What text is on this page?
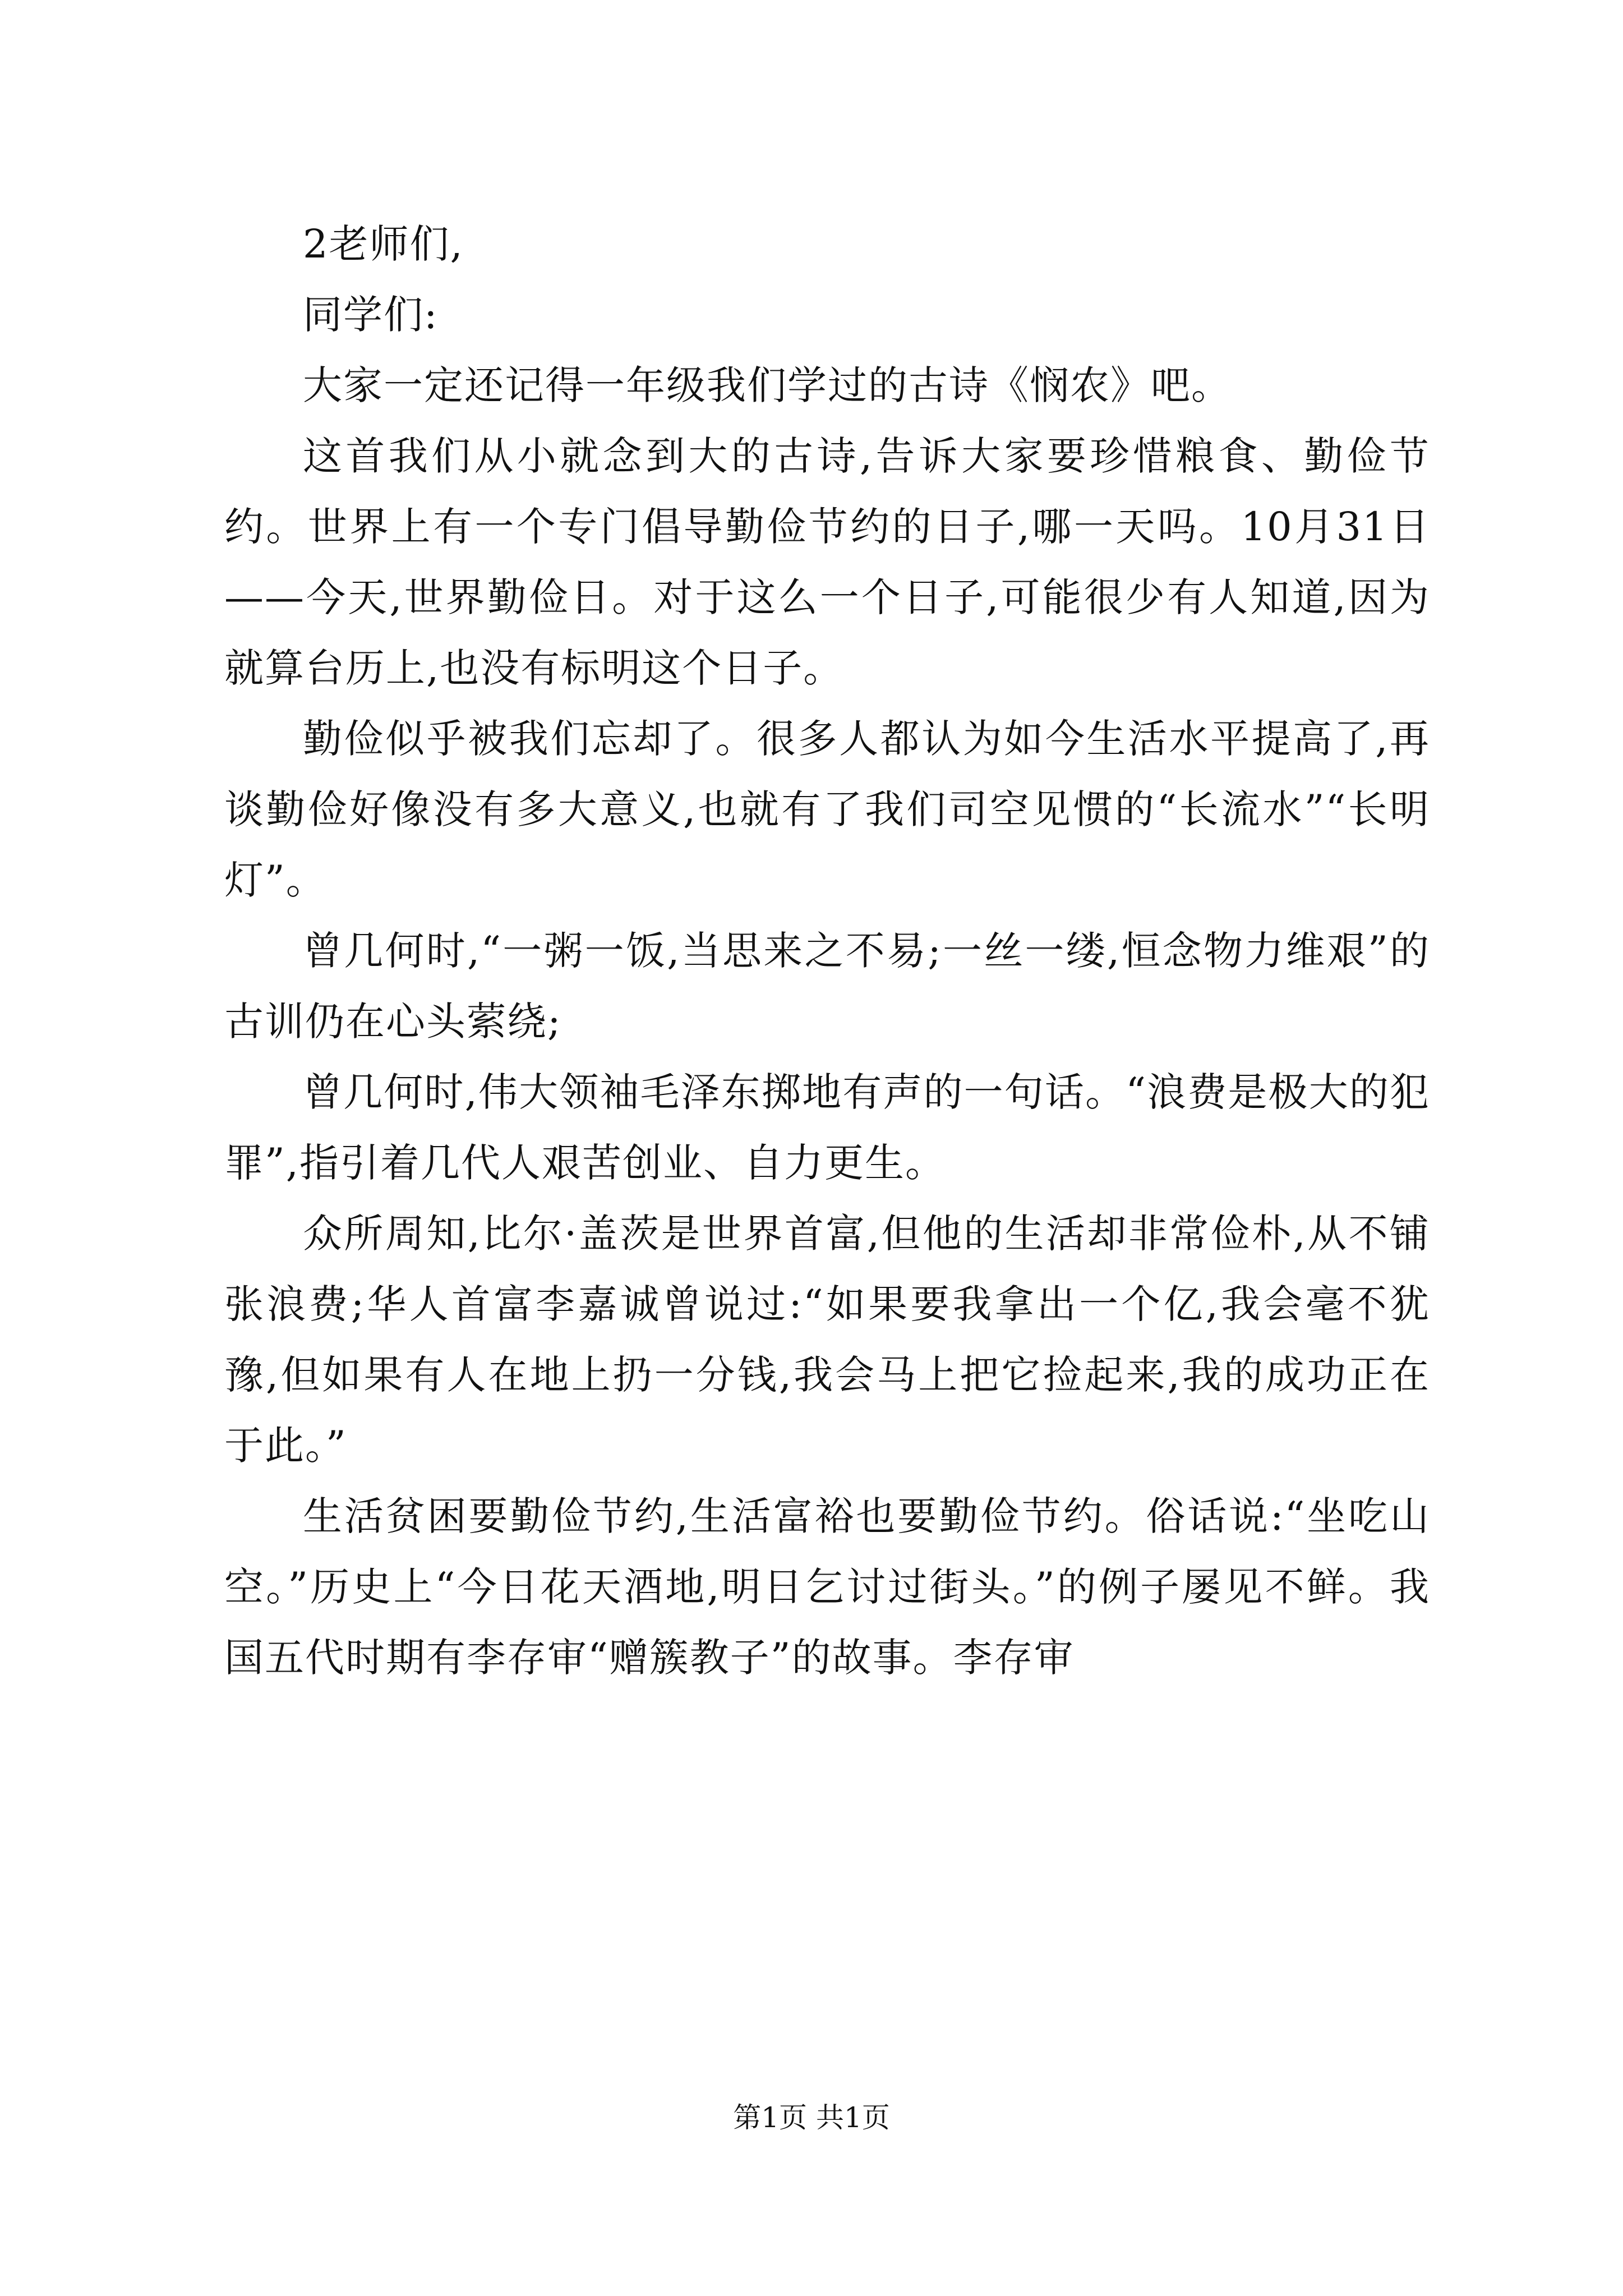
2老师们,

同学们:

大家一定还记得一年级我们学过的古诗《悯农》吧。

这首我们从小就念到大的古诗,告诉大家要珍惜粮食、勤俭节约。世界上有一个专门倡导勤俭节约的日子,哪一天吗。10月31日——今天,世界勤俭日。对于这么一个日子,可能很少有人知道,因为就算台历上,也没有标明这个日子。

勤俭似乎被我们忘却了。很多人都认为如今生活水平提高了,再谈勤俭好像没有多大意义,也就有了我们司空见惯的“长流水”“长明灯”。

曾几何时,“一粥一饭,当思来之不易;一丝一缕,恒念物力维艰”的古训仍在心头萦绕;

曾几何时,伟大领袖毛泽东掷地有声的一句话。“浪费是极大的犯罪”,指引着几代人艰苦创业、自力更生。

众所周知,比尔·盖茨是世界首富,但他的生活却非常俭朴,从不铺张浪费;华人首富李嘉诚曾说过:“如果要我拿出一个亿,我会毫不犹豫,但如果有人在地上扔一分钱,我会马上把它捡起来,我的成功正在于此。”

生活贫困要勤俭节约,生活富裕也要勤俭节约。俗话说:“坐吃山空。”历史上“今日花天酒地,明日乞讨过街头。”的例子屡见不鲜。我国五代时期有李存审“赠簇教子”的故事。李存审

第1页 共1页
